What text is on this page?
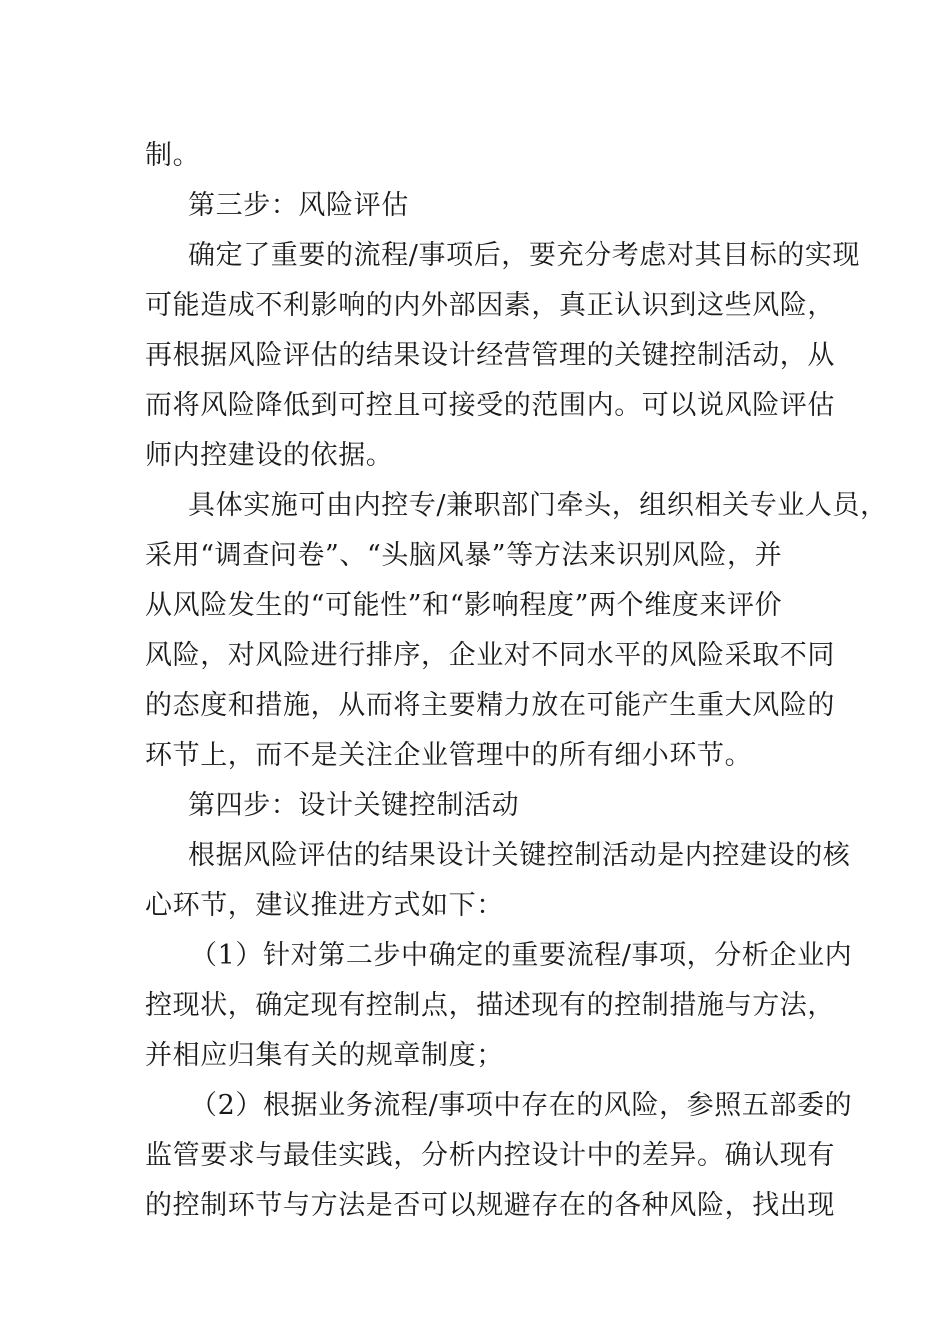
制。
第三步：风险评估
确定了重要的流程/事项后，要充分考虑对其目标的实现
可能造成不利影响的内外部因素，真正认识到这些风险，
再根据风险评估的结果设计经营管理的关键控制活动，从
而将风险降低到可控且可接受的范围内。可以说风险评估
师内控建设的依据。
具体实施可由内控专/兼职部门牵头，组织相关专业人员，
采用“调查问卷”、“头脑风暴”等方法来识别风险，并
从风险发生的“可能性”和“影响程度”两个维度来评价
风险，对风险进行排序，企业对不同水平的风险采取不同
的态度和措施，从而将主要精力放在可能产生重大风险的
环节上，而不是关注企业管理中的所有细小环节。
第四步：设计关键控制活动
根据风险评估的结果设计关键控制活动是内控建设的核
心环节，建议推进方式如下：
（1）针对第二步中确定的重要流程/事项，分析企业内
控现状，确定现有控制点，描述现有的控制措施与方法，
并相应归集有关的规章制度；
（2）根据业务流程/事项中存在的风险，参照五部委的
监管要求与最佳实践，分析内控设计中的差异。确认现有
的控制环节与方法是否可以规避存在的各种风险，找出现
